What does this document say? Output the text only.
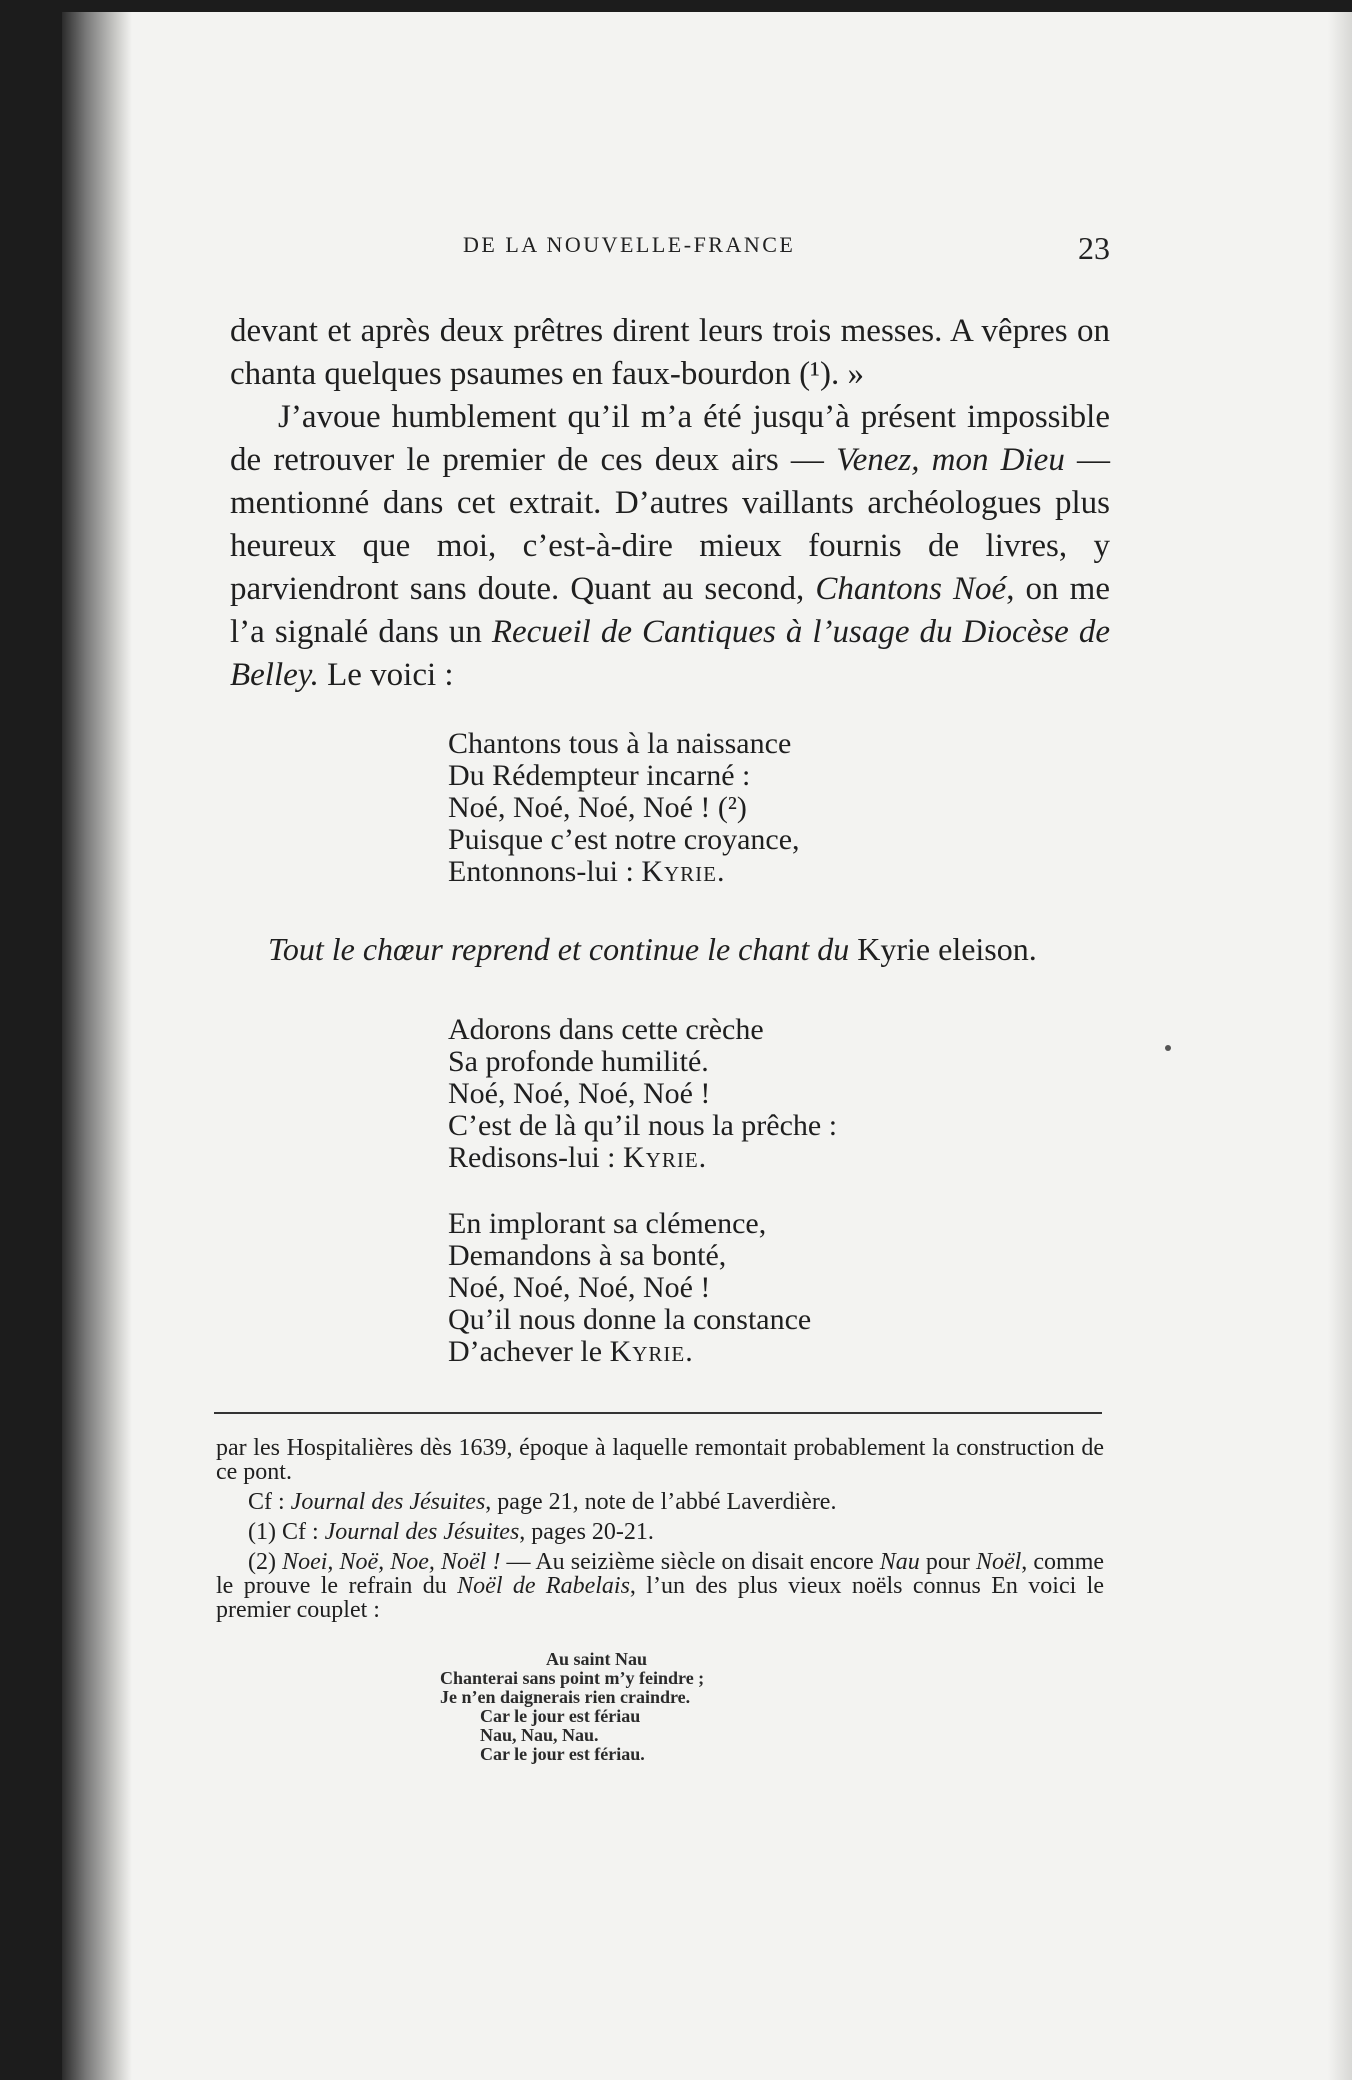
DE LA NOUVELLE-FRANCE	23

devant et après deux prêtres dirent leurs trois messes. A vêpres on chanta quelques psaumes en faux-bourdon (¹). »

J’avoue humblement qu’il m’a été jusqu’à présent impossible de retrouver le premier de ces deux airs — Venez, mon Dieu — mentionné dans cet extrait. D’autres vaillants archéologues plus heureux que moi, c’est-à-dire mieux fournis de livres, y parviendront sans doute. Quant au second, Chantons Noé, on me l’a signalé dans un Recueil de Cantiques à l’usage du Diocèse de Belley. Le voici :

Chantons tous à la naissance
Du Rédempteur incarné :
Noé, Noé, Noé, Noé ! (²)
Puisque c’est notre croyance,
Entonnons-lui : Kyrie.

Tout le chœur reprend et continue le chant du Kyrie eleison.

Adorons dans cette crèche
Sa profonde humilité.
Noé, Noé, Noé, Noé !
C’est de là qu’il nous la prêche :
Redisons-lui : Kyrie.
En implorant sa clémence,
Demandons à sa bonté,
Noé, Noé, Noé, Noé !
Qu’il nous donne la constance
D’achever le Kyrie.

par les Hospitalières dès 1639, époque à laquelle remontait probablement la construction de ce pont.

Cf : Journal des Jésuites, page 21, note de l’abbé Laverdière.

(1) Cf : Journal des Jésuites, pages 20-21.

(2) Noei, Noë, Noe, Noël ! — Au seizième siècle on disait encore Nau pour Noël, comme le prouve le refrain du Noël de Rabelais, l’un des plus vieux noëls connus En voici le premier couplet :

Au saint Nau
Chanterai sans point m’y feindre ;
Je n’en daignerais rien craindre.
Car le jour est fériau
Nau, Nau, Nau.
Car le jour est fériau.
